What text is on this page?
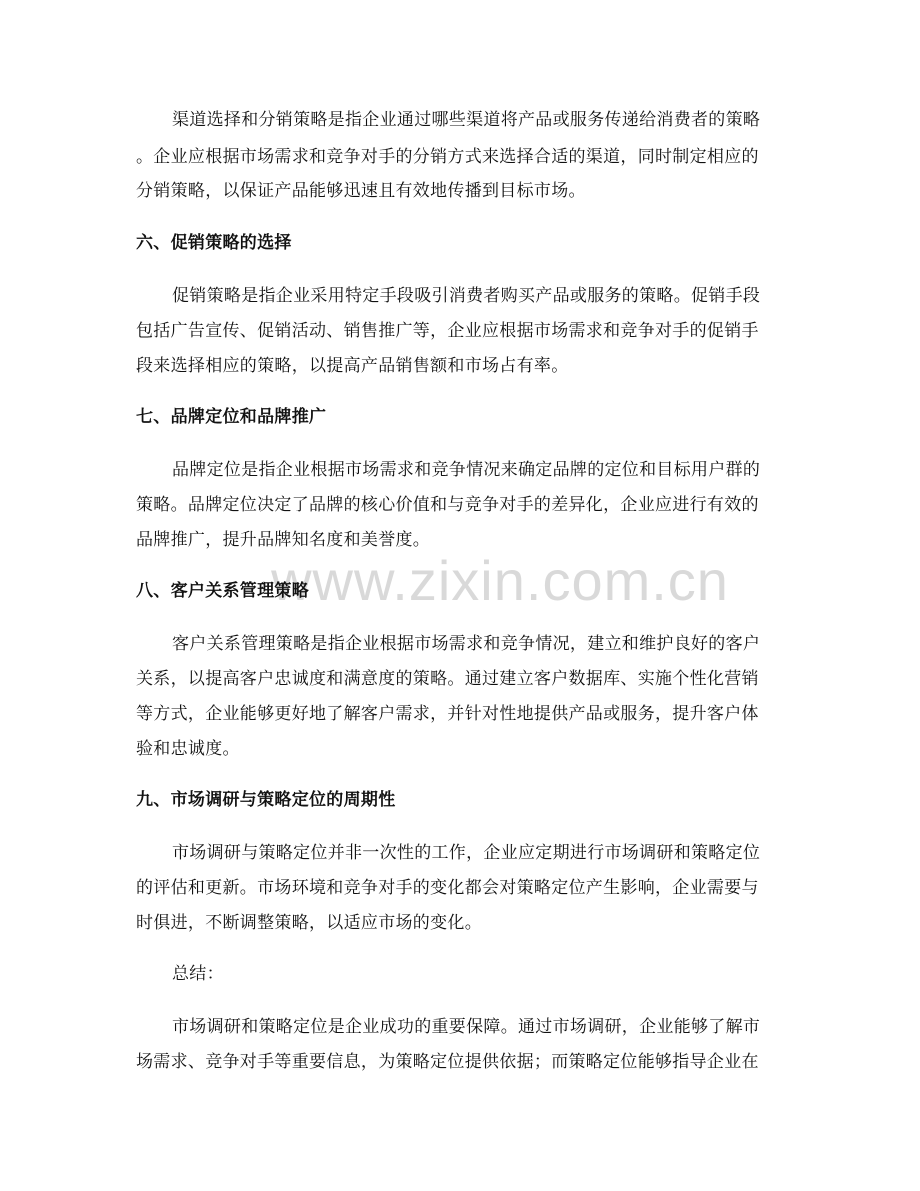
www.zixin.com.cn
渠道选择和分销策略是指企业通过哪些渠道将产品或服务传递给消费者的策略
。企业应根据市场需求和竞争对手的分销方式来选择合适的渠道，同时制定相应的
分销策略，以保证产品能够迅速且有效地传播到目标市场。
六、促销策略的选择
促销策略是指企业采用特定手段吸引消费者购买产品或服务的策略。促销手段
包括广告宣传、促销活动、销售推广等，企业应根据市场需求和竞争对手的促销手
段来选择相应的策略，以提高产品销售额和市场占有率。
七、品牌定位和品牌推广
品牌定位是指企业根据市场需求和竞争情况来确定品牌的定位和目标用户群的
策略。品牌定位决定了品牌的核心价值和与竞争对手的差异化，企业应进行有效的
品牌推广，提升品牌知名度和美誉度。
八、客户关系管理策略
客户关系管理策略是指企业根据市场需求和竞争情况，建立和维护良好的客户
关系，以提高客户忠诚度和满意度的策略。通过建立客户数据库、实施个性化营销
等方式，企业能够更好地了解客户需求，并针对性地提供产品或服务，提升客户体
验和忠诚度。
九、市场调研与策略定位的周期性
市场调研与策略定位并非一次性的工作，企业应定期进行市场调研和策略定位
的评估和更新。市场环境和竞争对手的变化都会对策略定位产生影响，企业需要与
时俱进，不断调整策略，以适应市场的变化。
总结：
市场调研和策略定位是企业成功的重要保障。通过市场调研，企业能够了解市
场需求、竞争对手等重要信息，为策略定位提供依据；而策略定位能够指导企业在
